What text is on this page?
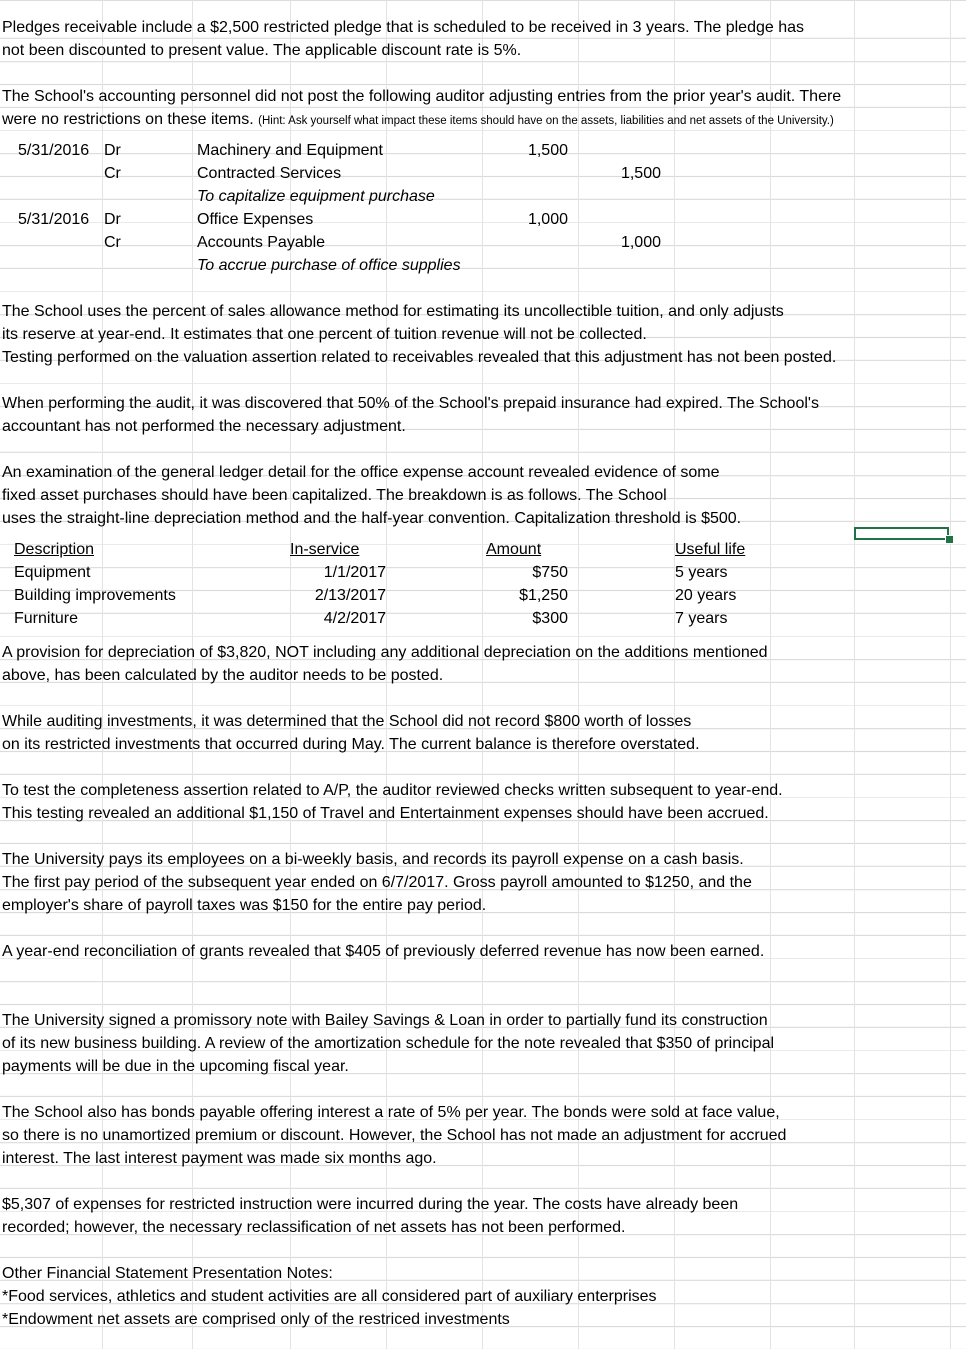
Pledges receivable include a $2,500 restricted pledge that is scheduled to be received in 3 years. The pledge has
not been discounted to present value. The applicable discount rate is 5%.
The School's accounting personnel did not post the following auditor adjusting entries from the prior year's audit. There
were no restrictions on these items. (Hint: Ask yourself what impact these items should have on the assets, liabilities and net assets of the University.)
5/31/2016 Dr	Machinery and Equipment	1,500
Cr	Contracted Services	1,500
To capitalize equipment purchase
5/31/2016 Dr	Office Expenses	1,000
Cr	Accounts Payable	1,000
To accrue purchase of office supplies
The School uses the percent of sales allowance method for estimating its uncollectible tuition, and only adjusts
its reserve at year-end. It estimates that one percent of tuition revenue will not be collected.
Testing performed on the valuation assertion related to receivables revealed that this adjustment has not been posted.
When performing the audit, it was discovered that 50% of the School's prepaid insurance had expired. The School's
accountant has not performed the necessary adjustment.
An examination of the general ledger detail for the office expense account revealed evidence of some
fixed asset purchases should have been capitalized. The breakdown is as follows. The School
uses the straight-line depreciation method and the half-year convention. Capitalization threshold is $500.
Description	In-service	Amount	Useful life
Equipment	1/1/2017	$750	5 years
Building improvements	2/13/2017	$1,250	20 years
Furniture	4/2/2017	$300	7 years
A provision for depreciation of $3,820, NOT including any additional depreciation on the additions mentioned
above, has been calculated by the auditor needs to be posted.
While auditing investments, it was determined that the School did not record $800 worth of losses
on its restricted investments that occurred during May. The current balance is therefore overstated.
To test the completeness assertion related to A/P, the auditor reviewed checks written subsequent to year-end.
This testing revealed an additional $1,150 of Travel and Entertainment expenses should have been accrued.
The University pays its employees on a bi-weekly basis, and records its payroll expense on a cash basis.
The first pay period of the subsequent year ended on 6/7/2017. Gross payroll amounted to $1250, and the
employer's share of payroll taxes was $150 for the entire pay period.
A year-end reconciliation of grants revealed that $405 of previously deferred revenue has now been earned.
The University signed a promissory note with Bailey Savings & Loan in order to partially fund its construction
of its new business building. A review of the amortization schedule for the note revealed that $350 of principal
payments will be due in the upcoming fiscal year.
The School also has bonds payable offering interest a rate of 5% per year. The bonds were sold at face value,
so there is no unamortized premium or discount. However, the School has not made an adjustment for accrued
interest. The last interest payment was made six months ago.
$5,307 of expenses for restricted instruction were incurred during the year. The costs have already been
recorded; however, the necessary reclassification of net assets has not been performed.
Other Financial Statement Presentation Notes:
*Food services, athletics and student activities are all considered part of auxiliary enterprises
*Endowment net assets are comprised only of the restriced investments
